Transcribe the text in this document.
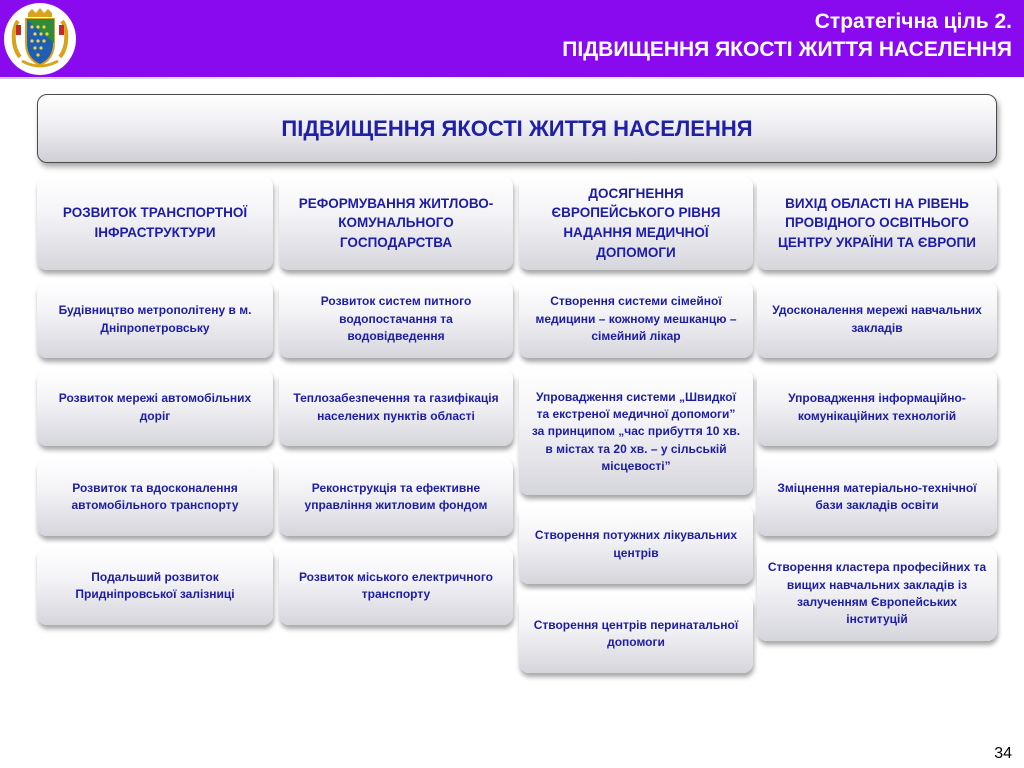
Стратегічна ціль 2.
ПІДВИЩЕННЯ ЯКОСТІ ЖИТТЯ НАСЕЛЕННЯ
ПІДВИЩЕННЯ ЯКОСТІ ЖИТТЯ НАСЕЛЕННЯ
РОЗВИТОК ТРАНСПОРТНОЇ ІНФРАСТРУКТУРИ
Будівництво метрополітену в м. Дніпропетровську
Розвиток мережі автомобільних доріг
Розвиток та вдосконалення автомобільного транспорту
Подальший розвиток Придніпровської залізниці
РЕФОРМУВАННЯ ЖИТЛОВО-КОМУНАЛЬНОГО ГОСПОДАРСТВА
Розвиток систем питного водопостачання та водовідведення
Теплозабезпечення та газифікація населених пунктів області
Реконструкція та ефективне управління житловим фондом
Розвиток міського електричного транспорту
ДОСЯГНЕННЯ ЄВРОПЕЙСЬКОГО РІВНЯ НАДАННЯ МЕДИЧНОЇ ДОПОМОГИ
Створення системи сімейної медицини – кожному мешканцю – сімейний лікар
Упровадження системи „Швидкої та екстреної медичної допомоги” за принципом „час прибуття 10 хв. в містах та 20 хв. – у сільській місцевості”
Створення потужних лікувальних центрів
Створення центрів перинатальної допомоги
ВИХІД ОБЛАСТІ НА РІВЕНЬ ПРОВІДНОГО ОСВІТНЬОГО ЦЕНТРУ УКРАЇНИ ТА ЄВРОПИ
Удосконалення мережі навчальних закладів
Упровадження інформаційно-комунікаційних технологій
Зміцнення матеріально-технічної бази закладів освіти
Створення кластера професійних та вищих навчальних закладів із залученням Європейських інституцій
34
